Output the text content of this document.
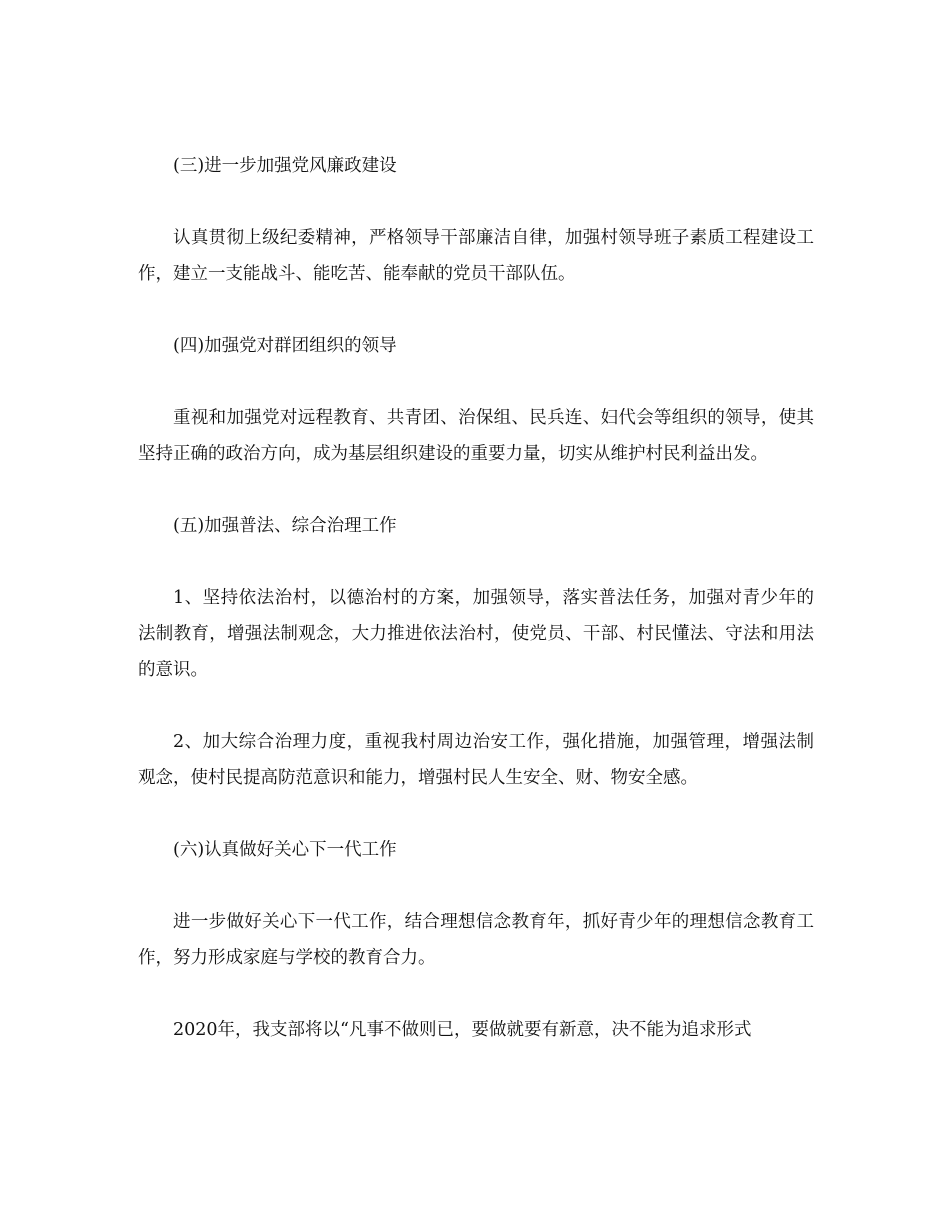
(三)进一步加强党风廉政建设

认真贯彻上级纪委精神，严格领导干部廉洁自律，加强村领导班子素质工程建设工作，建立一支能战斗、能吃苦、能奉献的党员干部队伍。

(四)加强党对群团组织的领导

重视和加强党对远程教育、共青团、治保组、民兵连、妇代会等组织的领导，使其坚持正确的政治方向，成为基层组织建设的重要力量，切实从维护村民利益出发。

(五)加强普法、综合治理工作

1、坚持依法治村，以德治村的方案，加强领导，落实普法任务，加强对青少年的法制教育，增强法制观念，大力推进依法治村，使党员、干部、村民懂法、守法和用法的意识。

2、加大综合治理力度，重视我村周边治安工作，强化措施，加强管理，增强法制观念，使村民提高防范意识和能力，增强村民人生安全、财、物安全感。

(六)认真做好关心下一代工作

进一步做好关心下一代工作，结合理想信念教育年，抓好青少年的理想信念教育工作，努力形成家庭与学校的教育合力。

2020年，我支部将以“凡事不做则已，要做就要有新意，决不能为追求形式
